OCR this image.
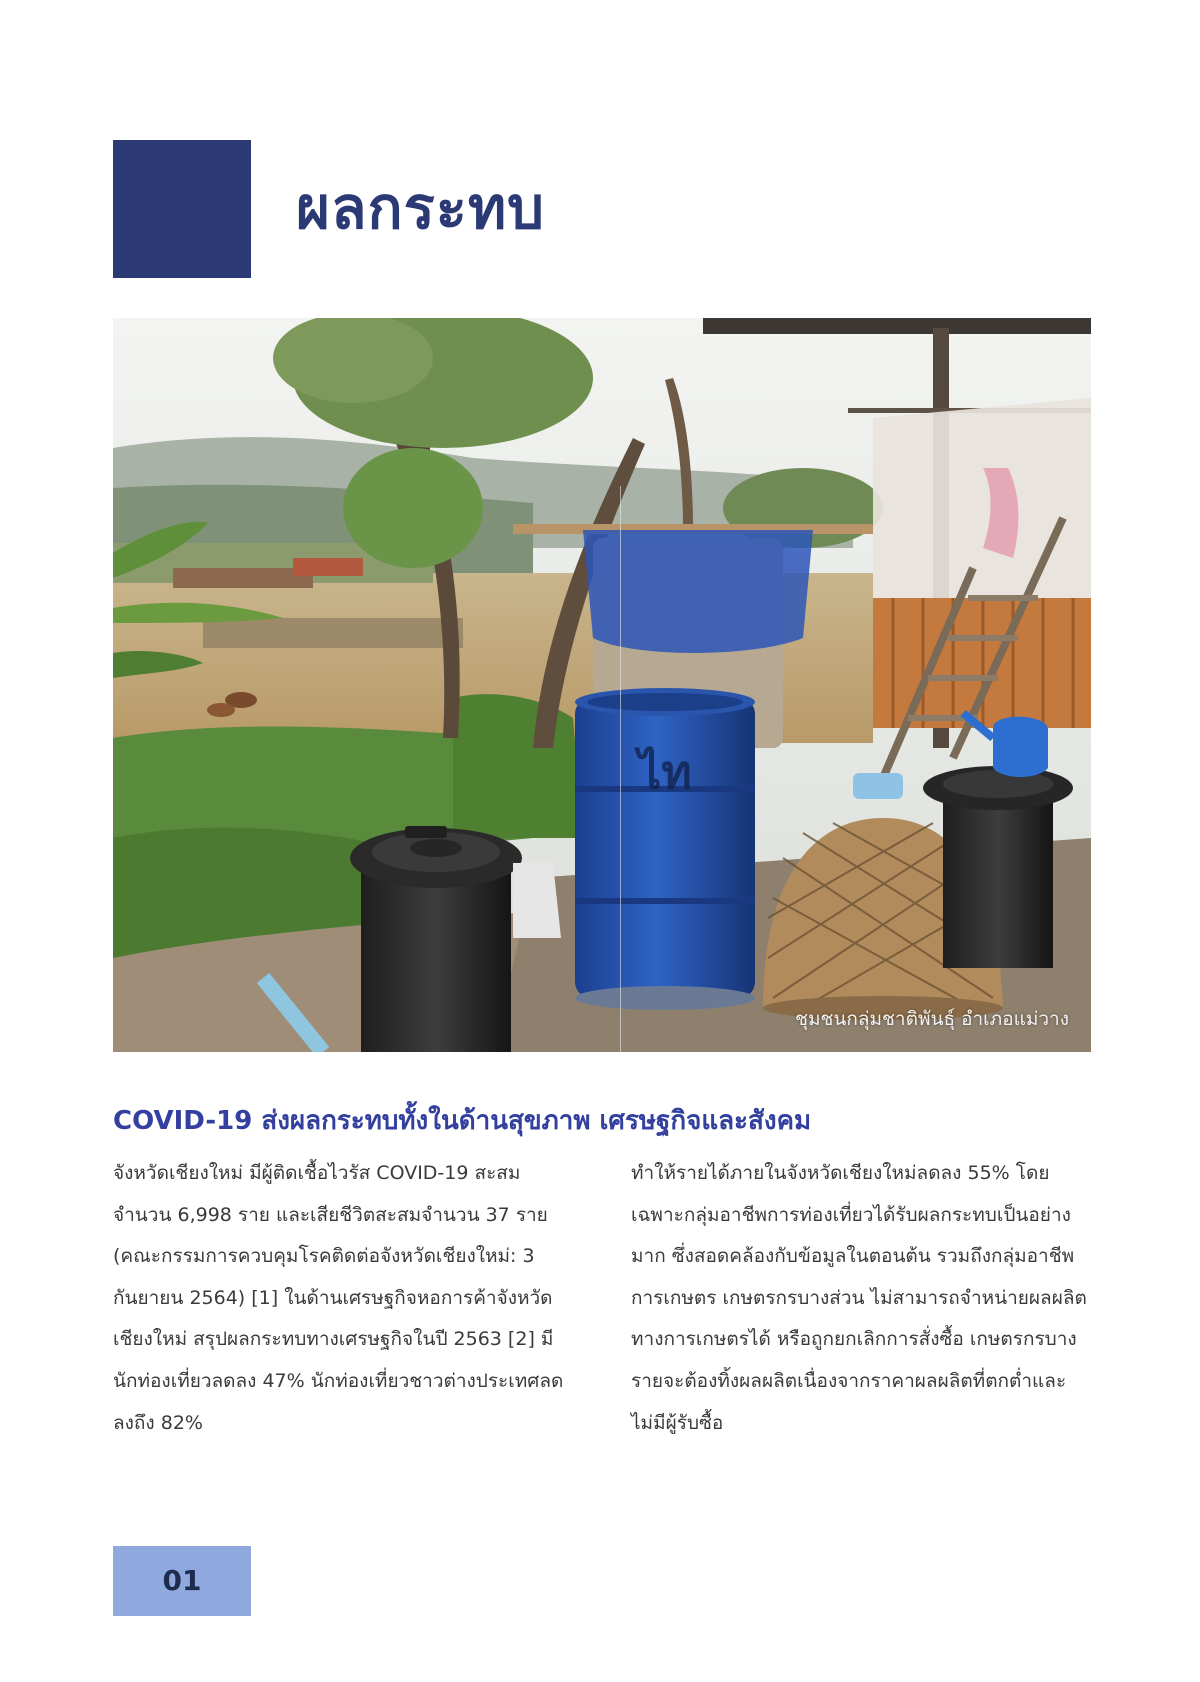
ผลกระทบ
ไท
ชุมชนกลุ่มชาติพันธุ์ อำเภอแม่วาง
COVID-19 ส่งผลกระทบทั้งในด้านสุขภาพ เศรษฐกิจและสังคม
จังหวัดเชียงใหม่ มีผู้ติดเชื้อไวรัส COVID-19 สะสม จำนวน 6,998 ราย และเสียชีวิตสะสมจำนวน 37 ราย (คณะกรรมการควบคุมโรคติดต่อจังหวัดเชียงใหม่: 3 กันยายน 2564) [1] ในด้านเศรษฐกิจหอการค้าจังหวัดเชียงใหม่ สรุปผลกระทบทางเศรษฐกิจในปี 2563 [2] มีนักท่องเที่ยวลดลง 47% นักท่องเที่ยวชาวต่างประเทศลดลงถึง 82%
ทำให้รายได้ภายในจังหวัดเชียงใหม่ลดลง 55% โดยเฉพาะกลุ่มอาชีพการท่องเที่ยวได้รับผลกระทบเป็นอย่างมาก ซึ่งสอดคล้องกับข้อมูลในตอนต้น รวมถึงกลุ่มอาชีพการเกษตร เกษตรกรบางส่วน ไม่สามารถจำหน่ายผลผลิตทางการเกษตรได้ หรือถูกยกเลิกการสั่งซื้อ เกษตรกรบางรายจะต้องทิ้งผลผลิตเนื่องจากราคาผลผลิตที่ตกต่ำและไม่มีผู้รับซื้อ
01
